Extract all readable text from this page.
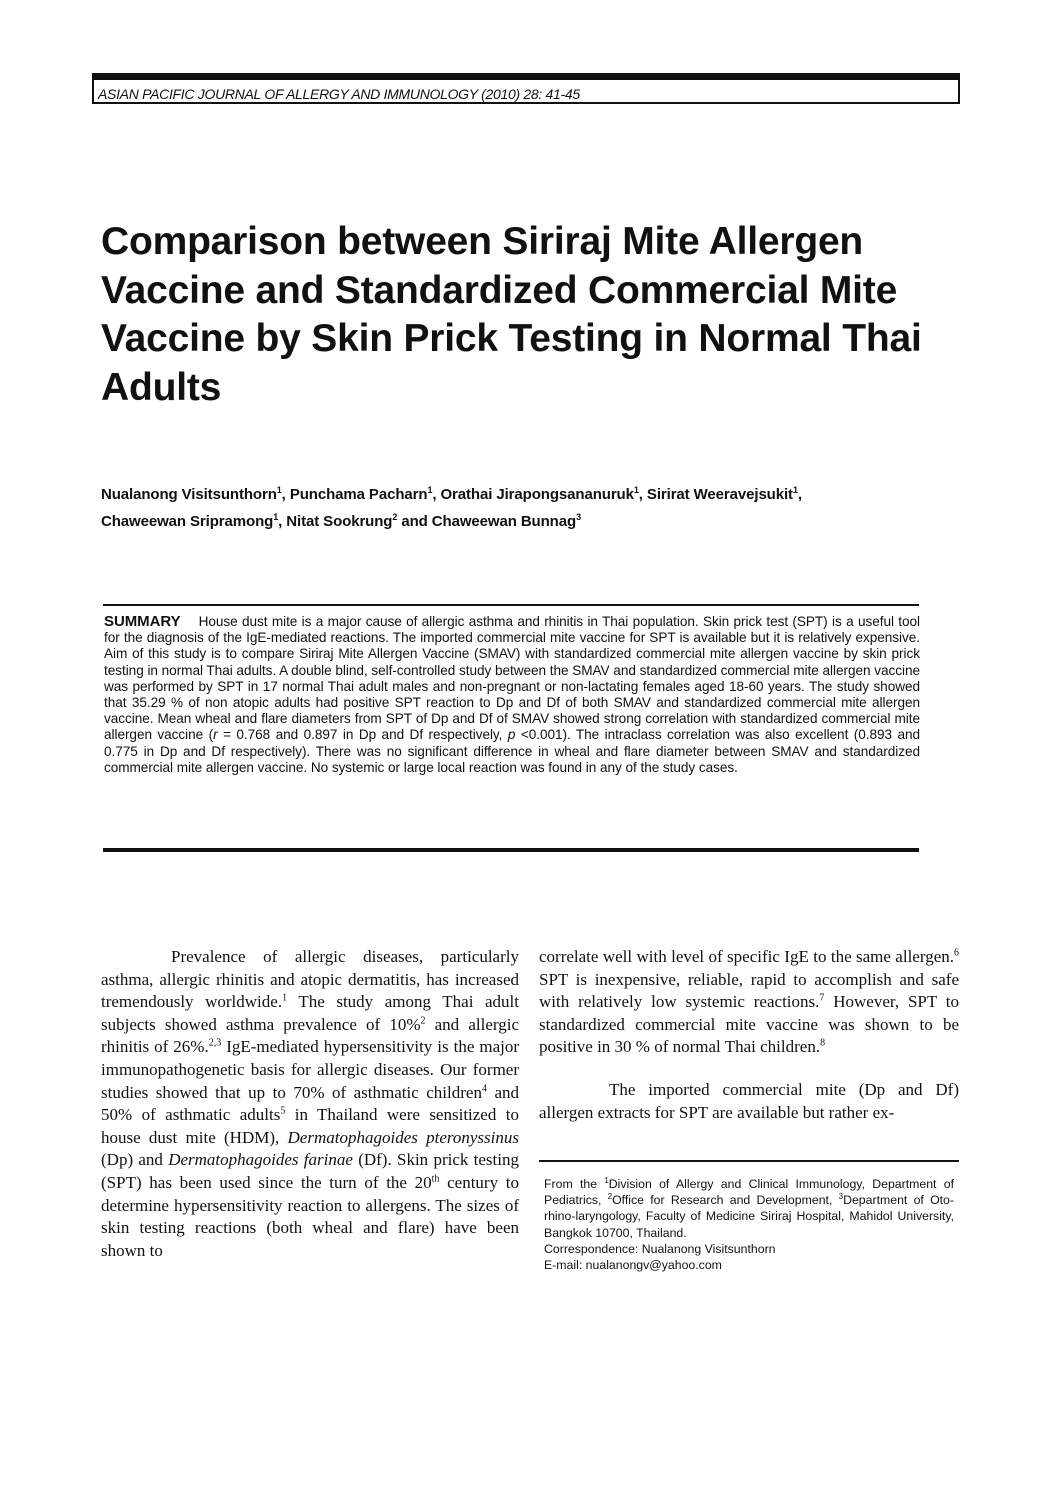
ASIAN PACIFIC JOURNAL OF ALLERGY AND IMMUNOLOGY (2010) 28: 41-45
Comparison between Siriraj Mite Allergen Vaccine and Standardized Commercial Mite Vaccine by Skin Prick Testing in Normal Thai Adults
Nualanong Visitsunthorn$^1$, Punchama Pacharn$^1$, Orathai Jirapongsananuruk$^1$, Sirirat Weeravejsukit$^1$,
Chaweewan Sripramong$^1$, Nitat Sookrung$^2$ and Chaweewan Bunnag$^3$
SUMMARY House dust mite is a major cause of allergic asthma and rhinitis in Thai population. Skin prick test (SPT) is a useful tool for the diagnosis of the IgE-mediated reactions. The imported commercial mite vaccine for SPT is available but it is relatively expensive. Aim of this study is to compare Siriraj Mite Allergen Vaccine (SMAV) with standardized commercial mite allergen vaccine by skin prick testing in normal Thai adults. A double blind, self-controlled study between the SMAV and standardized commercial mite allergen vaccine was performed by SPT in 17 normal Thai adult males and non-pregnant or non-lactating females aged 18-60 years. The study showed that 35.29 % of non atopic adults had positive SPT reaction to Dp and Df of both SMAV and standardized commercial mite allergen vaccine. Mean wheal and flare diameters from SPT of Dp and Df of SMAV showed strong correlation with standardized commercial mite allergen vaccine (r = 0.768 and 0.897 in Dp and Df respectively, p <0.001). The intraclass correlation was also excellent (0.893 and 0.775 in Dp and Df respectively). There was no significant difference in wheal and flare diameter between SMAV and standardized commercial mite allergen vaccine. No systemic or large local reaction was found in any of the study cases.

Prevalence of allergic diseases, particularly asthma, allergic rhinitis and atopic dermatitis, has increased tremendously worldwide.$^1$ The study among Thai adult subjects showed asthma prevalence of 10%$^2$ and allergic rhinitis of 26%.$^{2,3}$ IgE-mediated hypersensitivity is the major immunopathogenetic basis for allergic diseases. Our former studies showed that up to 70% of asthmatic children$^4$ and 50% of asthmatic adults$^5$ in Thailand were sensitized to house dust mite (HDM), Dermatophagoides pteronyssinus (Dp) and Dermatophagoides farinae (Df). Skin prick testing (SPT) has been used since the turn of the 20th century to determine hypersensitivity reaction to allergens. The sizes of skin testing reactions (both wheal and flare) have been shown to

correlate well with level of specific IgE to the same allergen.$^6$ SPT is inexpensive, reliable, rapid to accomplish and safe with relatively low systemic reactions.$^7$ However, SPT to standardized commercial mite vaccine was shown to be positive in 30 % of normal Thai children.$^8$

The imported commercial mite (Dp and Df) allergen extracts for SPT are available but rather ex-

From the $^1$Division of Allergy and Clinical Immunology, Department of Pediatrics, $^2$Office for Research and Development, $^3$Department of Oto-rhino-laryngology, Faculty of Medicine Siriraj Hospital, Mahidol University, Bangkok 10700, Thailand.

Correspondence: Nualanong Visitsunthorn

E-mail: nualanongv@yahoo.com
